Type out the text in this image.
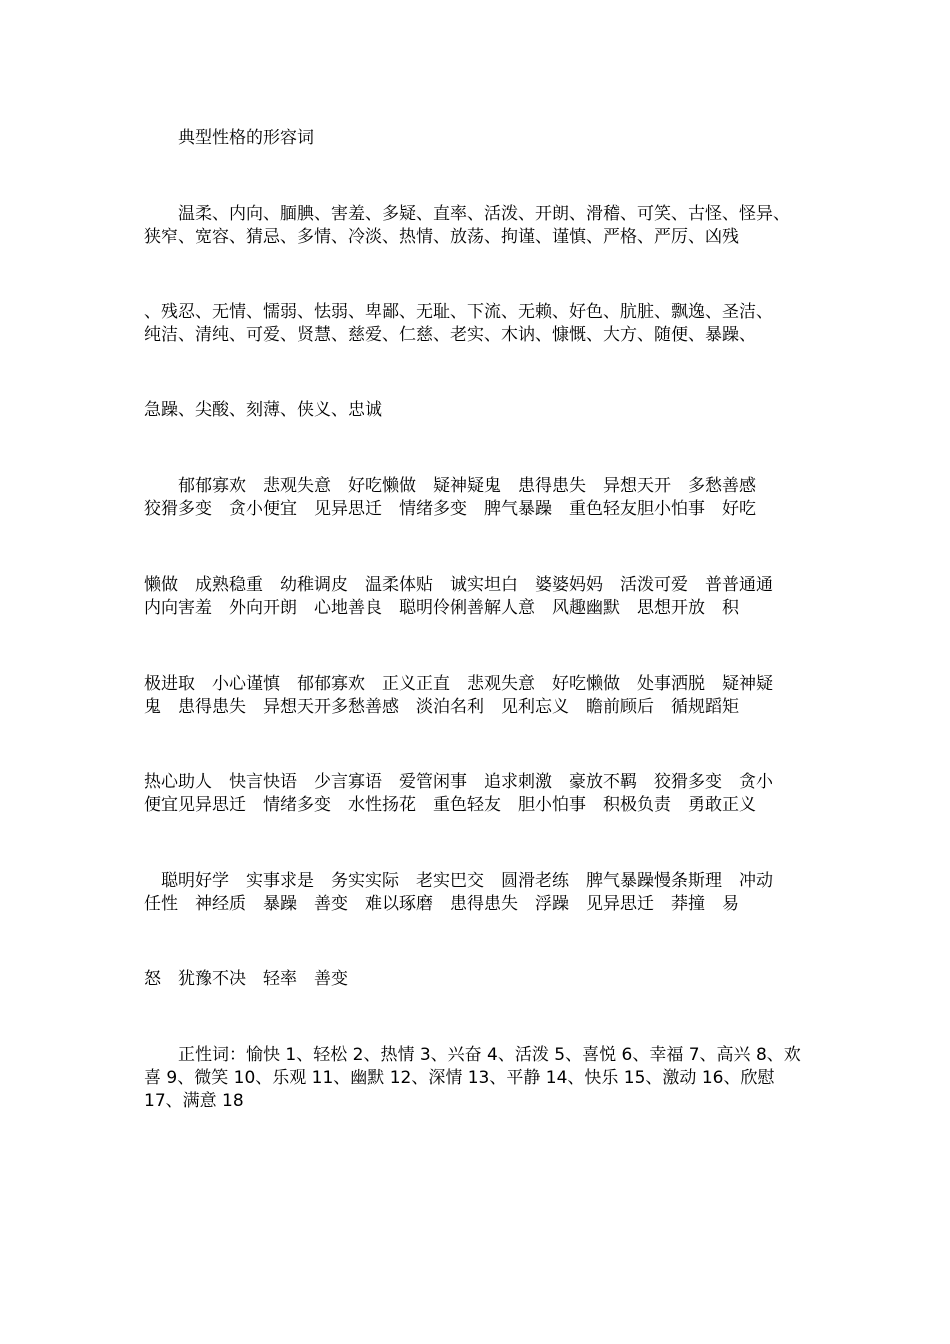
　　典型性格的形容词
　　温柔、内向、腼腆、害羞、多疑、直率、活泼、开朗、滑稽、可笑、古怪、怪异、
狭窄、宽容、猜忌、多情、冷淡、热情、放荡、拘谨、谨慎、严格、严厉、凶残
、残忍、无情、懦弱、怯弱、卑鄙、无耻、下流、无赖、好色、肮脏、飘逸、圣洁、
纯洁、清纯、可爱、贤慧、慈爱、仁慈、老实、木讷、慷慨、大方、随便、暴躁、
急躁、尖酸、刻薄、侠义、忠诚
　　郁郁寡欢　悲观失意　好吃懒做　疑神疑鬼　患得患失　异想天开　多愁善感
狡猾多变　贪小便宜　见异思迁　情绪多变　脾气暴躁　重色轻友胆小怕事　好吃
懒做　成熟稳重　幼稚调皮　温柔体贴　诚实坦白　婆婆妈妈　活泼可爱　普普通通
内向害羞　外向开朗　心地善良　聪明伶俐善解人意　风趣幽默　思想开放　积
极进取　小心谨慎　郁郁寡欢　正义正直　悲观失意　好吃懒做　处事洒脱　疑神疑
鬼　患得患失　异想天开多愁善感　淡泊名利　见利忘义　瞻前顾后　循规蹈矩
热心助人　快言快语　少言寡语　爱管闲事　追求刺激　豪放不羁　狡猾多变　贪小
便宜见异思迁　情绪多变　水性扬花　重色轻友　胆小怕事　积极负责　勇敢正义
　聪明好学　实事求是　务实实际　老实巴交　圆滑老练　脾气暴躁慢条斯理　冲动
任性　神经质　暴躁　善变　难以琢磨　患得患失　浮躁　见异思迁　莽撞　易
怒　犹豫不决　轻率　善变
　　正性词：愉快 1、轻松 2、热情 3、兴奋 4、活泼 5、喜悦 6、幸福 7、高兴 8、欢
喜 9、微笑 10、乐观 11、幽默 12、深情 13、平静 14、快乐 15、激动 16、欣慰
17、满意 18
